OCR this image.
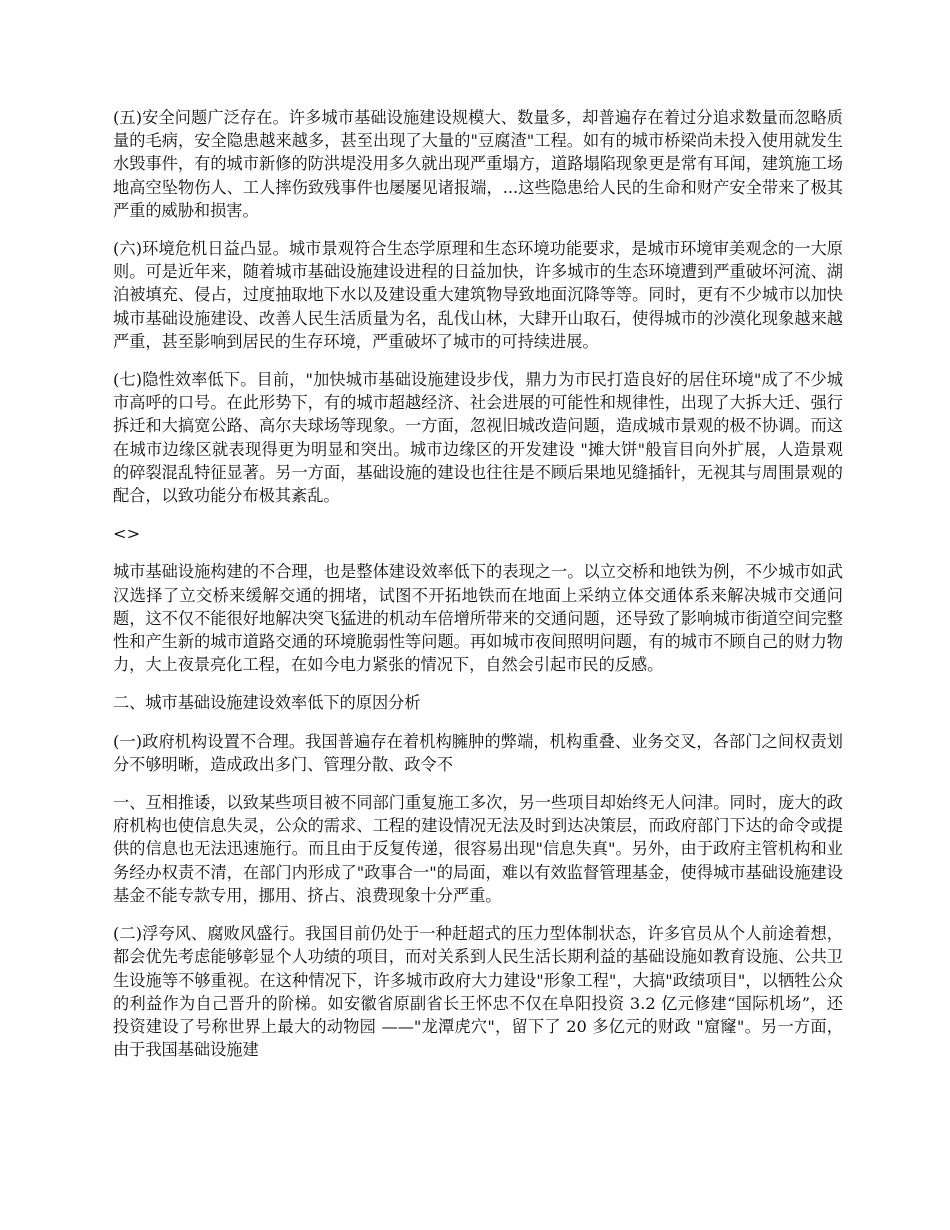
(五)安全问题广泛存在。许多城市基础设施建设规模大、数量多，却普遍存在着过分追求数量而忽略质量的毛病，安全隐患越来越多，甚至出现了大量的"豆腐渣"工程。如有的城市桥梁尚未投入使用就发生水毁事件，有的城市新修的防洪堤没用多久就出现严重塌方，道路塌陷现象更是常有耳闻，建筑施工场地高空坠物伤人、工人摔伤致残事件也屡屡见诸报端，...这些隐患给人民的生命和财产安全带来了极其严重的威胁和损害。

(六)环境危机日益凸显。城市景观符合生态学原理和生态环境功能要求，是城市环境审美观念的一大原则。可是近年来，随着城市基础设施建设进程的日益加快，许多城市的生态环境遭到严重破坏河流、湖泊被填充、侵占，过度抽取地下水以及建设重大建筑物导致地面沉降等等。同时，更有不少城市以加快城市基础设施建设、改善人民生活质量为名，乱伐山林，大肆开山取石，使得城市的沙漠化现象越来越严重，甚至影响到居民的生存环境，严重破坏了城市的可持续进展。

(七)隐性效率低下。目前，"加快城市基础设施建设步伐，鼎力为市民打造良好的居住环境"成了不少城市高呼的口号。在此形势下，有的城市超越经济、社会进展的可能性和规律性，出现了大拆大迁、强行拆迁和大搞宽公路、高尔夫球场等现象。一方面，忽视旧城改造问题，造成城市景观的极不协调。而这在城市边缘区就表现得更为明显和突出。城市边缘区的开发建设 "摊大饼"般盲目向外扩展，人造景观的碎裂混乱特征显著。另一方面，基础设施的建设也往往是不顾后果地见缝插针，无视其与周围景观的配合，以致功能分布极其紊乱。

<>

城市基础设施构建的不合理，也是整体建设效率低下的表现之一。以立交桥和地铁为例，不少城市如武汉选择了立交桥来缓解交通的拥堵，试图不开拓地铁而在地面上采纳立体交通体系来解决城市交通问题，这不仅不能很好地解决突飞猛进的机动车倍增所带来的交通问题，还导致了影响城市街道空间完整性和产生新的城市道路交通的环境脆弱性等问题。再如城市夜间照明问题，有的城市不顾自己的财力物力，大上夜景亮化工程，在如今电力紧张的情况下，自然会引起市民的反感。

二、城市基础设施建设效率低下的原因分析

(一)政府机构设置不合理。我国普遍存在着机构臃肿的弊端，机构重叠、业务交叉，各部门之间权责划分不够明晰，造成政出多门、管理分散、政令不

一、互相推诿，以致某些项目被不同部门重复施工多次，另一些项目却始终无人问津。同时，庞大的政府机构也使信息失灵，公众的需求、工程的建设情况无法及时到达决策层，而政府部门下达的命令或提供的信息也无法迅速施行。而且由于反复传递，很容易出现"信息失真"。另外，由于政府主管机构和业务经办权责不清，在部门内形成了"政事合一"的局面，难以有效监督管理基金，使得城市基础设施建设基金不能专款专用，挪用、挤占、浪费现象十分严重。

(二)浮夸风、腐败风盛行。我国目前仍处于一种赶超式的压力型体制状态，许多官员从个人前途着想，都会优先考虑能够彰显个人功绩的项目，而对关系到人民生活长期利益的基础设施如教育设施、公共卫生设施等不够重视。在这种情况下，许多城市政府大力建设"形象工程"，大搞"政绩项目"，以牺牲公众的利益作为自己晋升的阶梯。如安徽省原副省长王怀忠不仅在阜阳投资 3.2 亿元修建“国际机场”，还投资建设了号称世界上最大的动物园 ——"龙潭虎穴"，留下了 20 多亿元的财政 "窟窿"。另一方面，由于我国基础设施建
